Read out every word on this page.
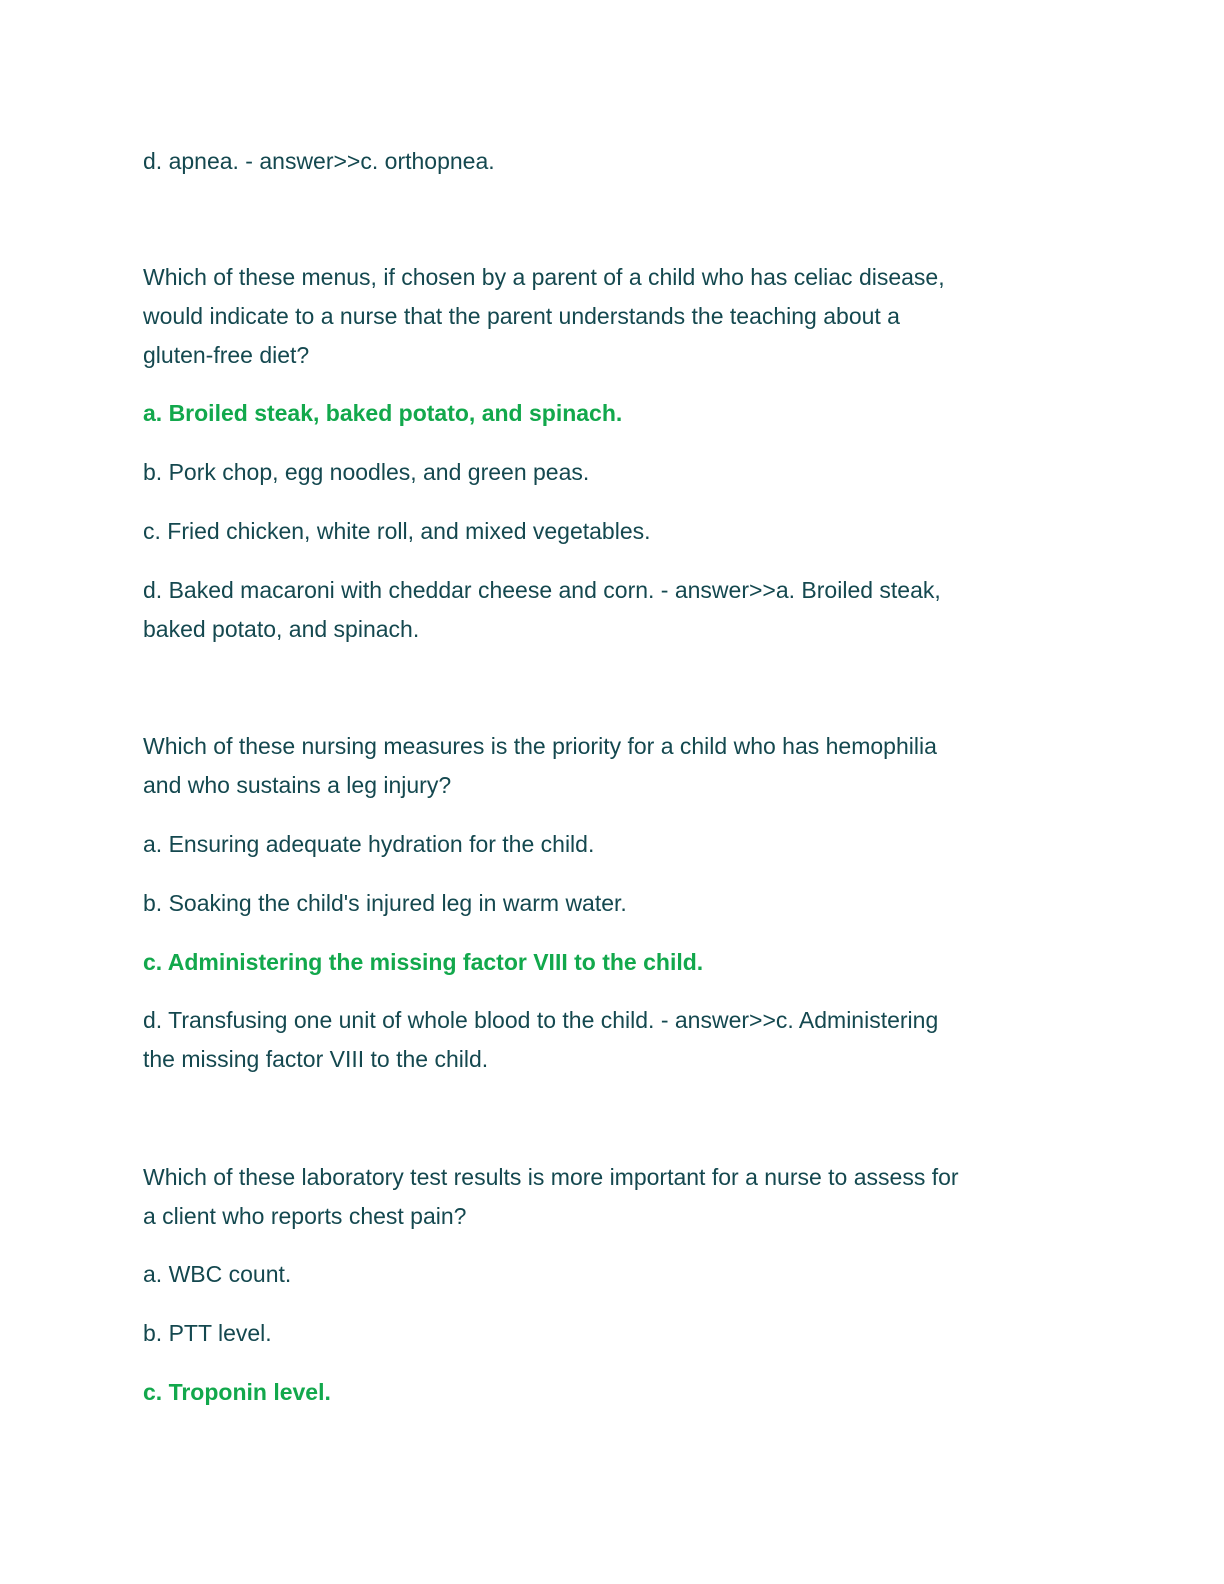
d. apnea. - answer>>c. orthopnea.

Which of these menus, if chosen by a parent of a child who has celiac disease,

would indicate to a nurse that the parent understands the teaching about a

gluten-free diet?

a. Broiled steak, baked potato, and spinach.

b. Pork chop, egg noodles, and green peas.

c. Fried chicken, white roll, and mixed vegetables.

d. Baked macaroni with cheddar cheese and corn. - answer>>a. Broiled steak,

baked potato, and spinach.

Which of these nursing measures is the priority for a child who has hemophilia

and who sustains a leg injury?

a. Ensuring adequate hydration for the child.

b. Soaking the child's injured leg in warm water.

c. Administering the missing factor VIII to the child.

d. Transfusing one unit of whole blood to the child. - answer>>c. Administering

the missing factor VIII to the child.

Which of these laboratory test results is more important for a nurse to assess for

a client who reports chest pain?

a. WBC count.

b. PTT level.

c. Troponin level.
